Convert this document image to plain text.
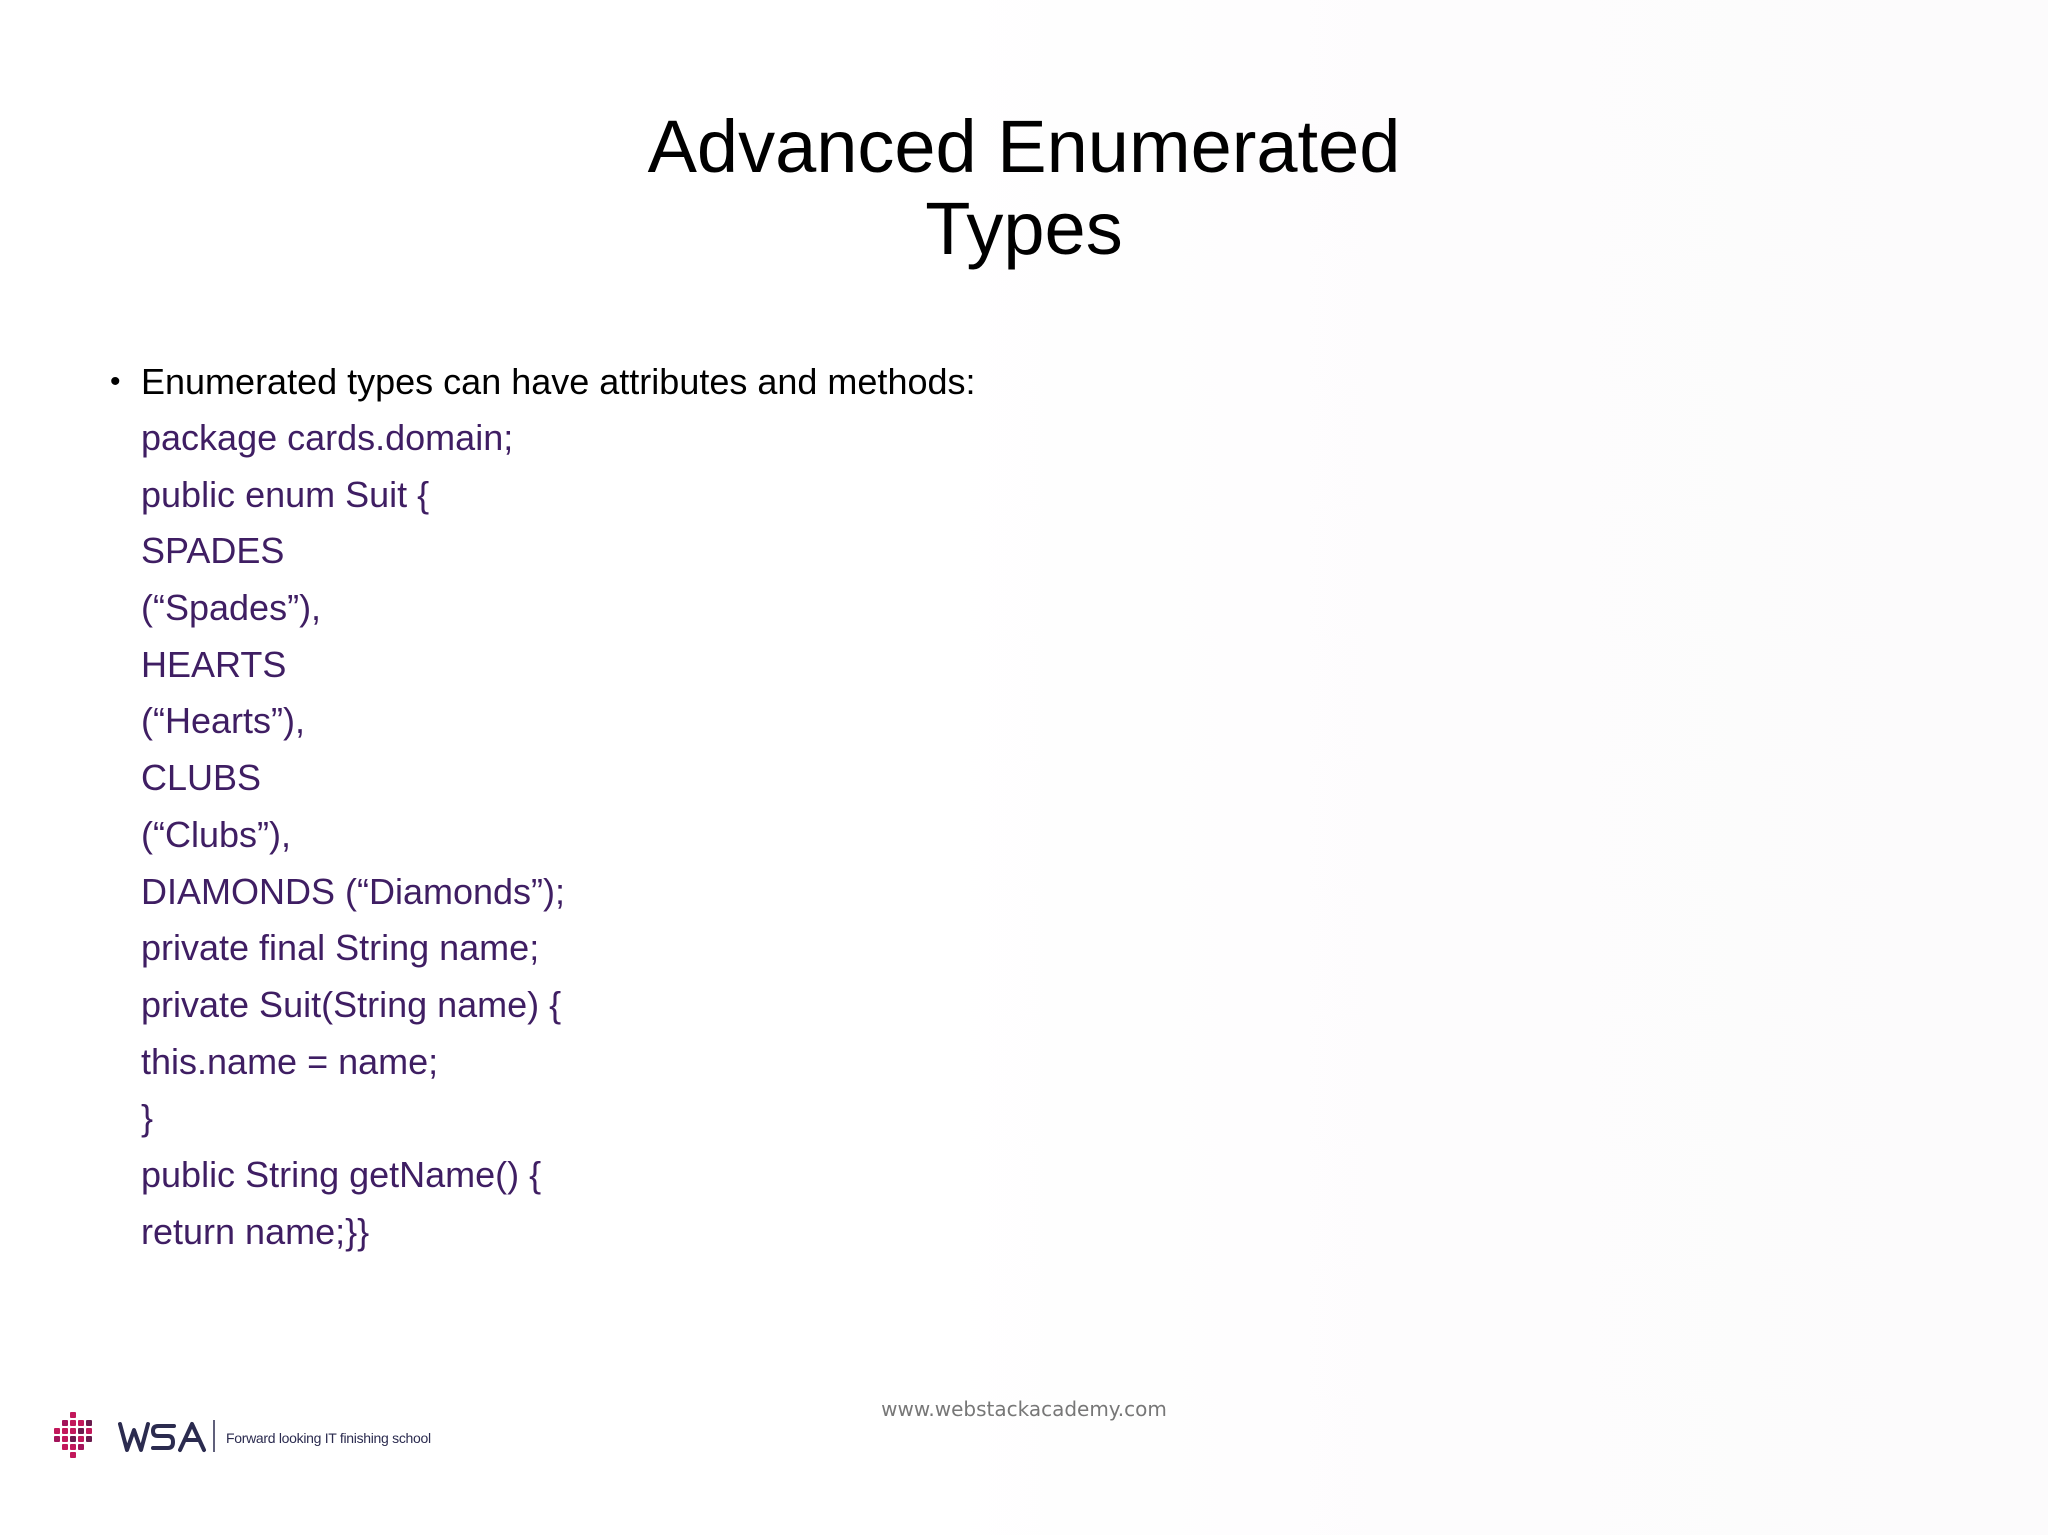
Advanced Enumerated
Types
• Enumerated types can have attributes and methods:
package cards.domain;
public enum Suit {
SPADES
(“Spades”),
HEARTS
(“Hearts”),
CLUBS
(“Clubs”),
DIAMONDS (“Diamonds”);
private final String name;
private Suit(String name) {
this.name = name;
}
public String getName() {
return name;}}
www.webstackacademy.com
Forward looking IT finishing school
